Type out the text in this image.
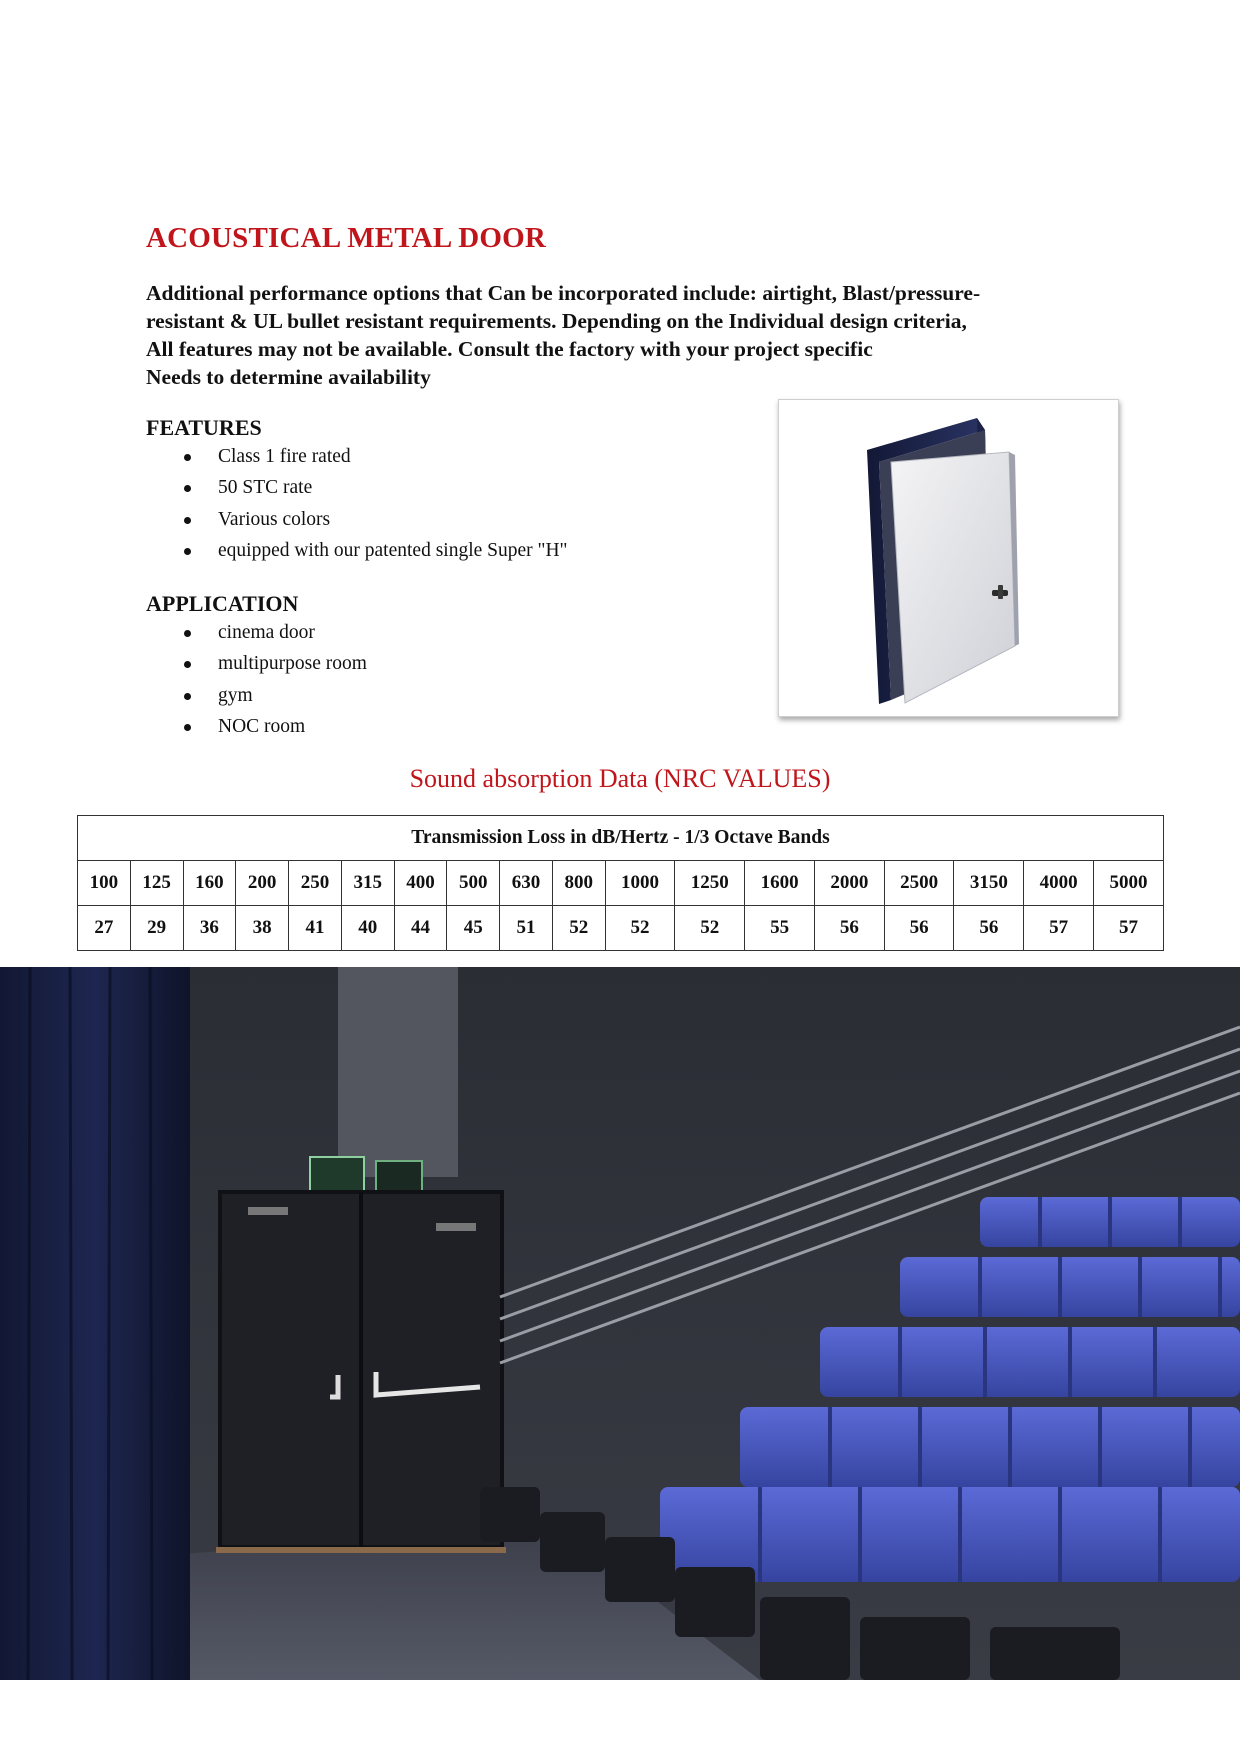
ACOUSTICAL METAL DOOR
Additional performance options that Can be incorporated include: airtight, Blast/pressure-
resistant & UL bullet resistant requirements. Depending on the Individual design criteria,
All features may not be available. Consult the factory with your project specific
Needs to determine availability
FEATURES
Class 1 fire rated
50 STC rate
Various colors
equipped with our patented single Super "H"
APPLICATION
cinema door
multipurpose room
gym
NOC room
Sound absorption Data (NRC VALUES)
Transmission Loss in dB/Hertz - 1/3 Octave Bands																	
100	125	160	200	250	315	400	500	630	800	1000	1250	1600	2000	2500	3150	4000	5000
27	29	36	38	41	40	44	45	51	52	52	52	55	56	56	56	57	57
